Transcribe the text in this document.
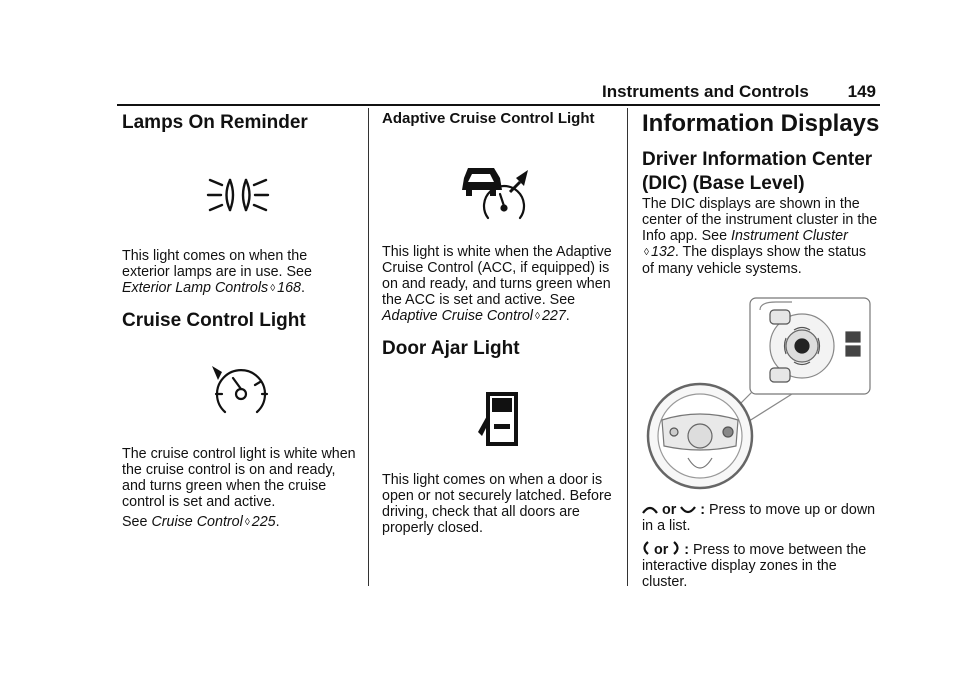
Instruments and Controls 149
Lamps On Reminder

This light comes on when the exterior lamps are in use. See
Exterior Lamp Controls ◊ 168.

Cruise Control Light

The cruise control light is white when the cruise control is on and ready, and turns green when the cruise control is set and active.

See Cruise Control ◊ 225.

Adaptive Cruise Control Light

This light is white when the Adaptive Cruise Control (ACC, if equipped) is on and ready, and turns green when the ACC is set and active. See
Adaptive Cruise Control ◊ 227.

Door Ajar Light

This light comes on when a door is open or not securely latched. Before driving, check that all doors are properly closed.

Information Displays
Driver Information Center
(DIC) (Base Level)

The DIC displays are shown in the center of the instrument cluster in the Info app. See Instrument Cluster
◊ 132. The displays show the status of many vehicle systems.

or : Press to move up or down in a list.

or : Press to move between the interactive display zones in the cluster.
